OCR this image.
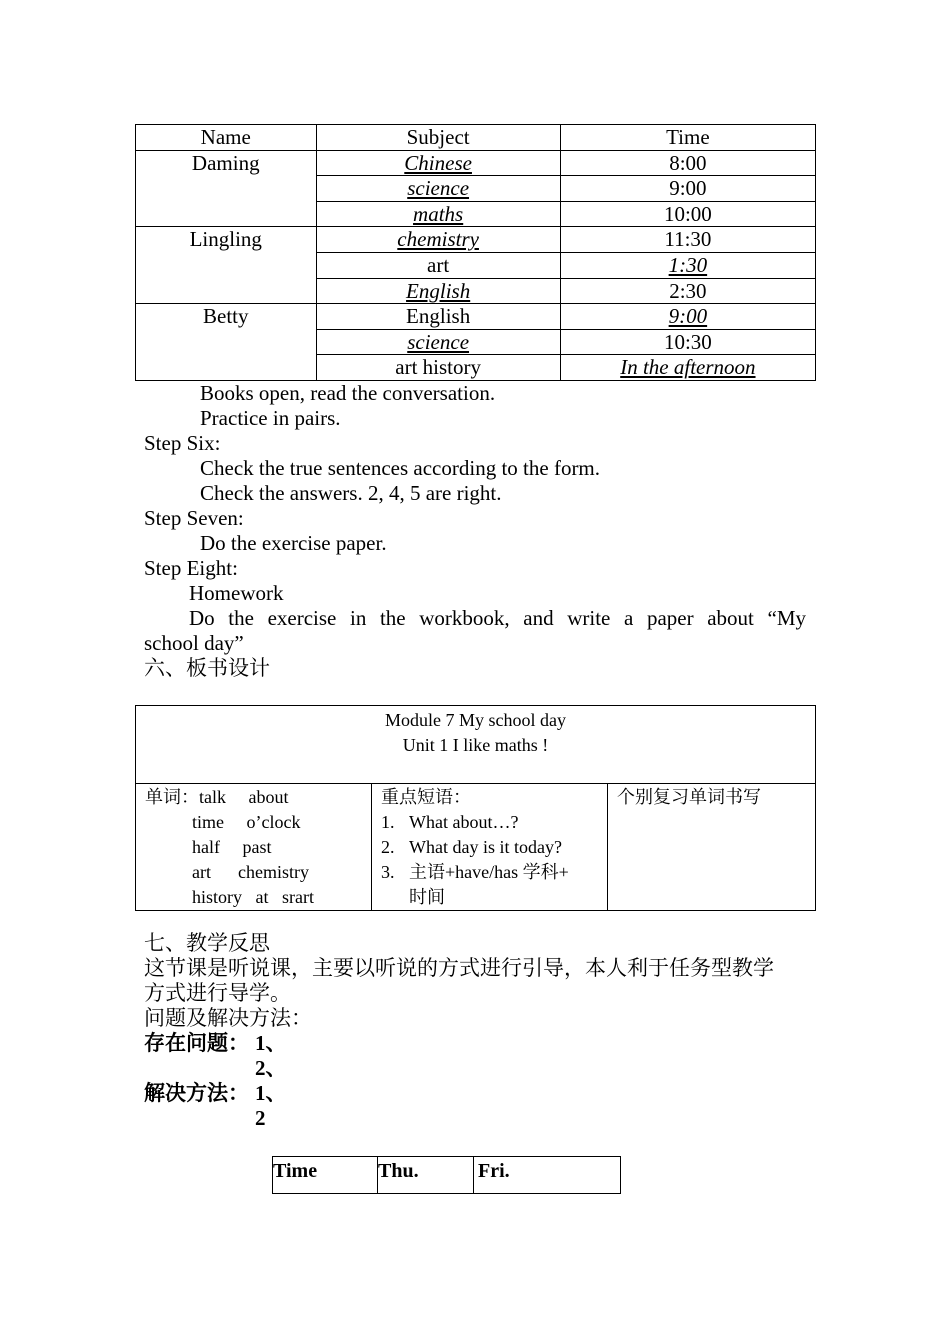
Name	Subject	Time
Daming	Chinese	8:00
	science	9:00
	maths	10:00
Lingling	chemistry	11:30
	art	1:30
	English	2:30
Betty	English	9:00
	science	10:30
	art history	In the afternoon
Books open, read the conversation.
Practice in pairs.
Step Six:
Check the true sentences according to the form.
Check the answers. 2, 4, 5 are right.
Step Seven:
Do the exercise paper.
Step Eight:
Homework
Do the exercise in the workbook, and write a paper about “My
school day”
六、板书设计
Module 7 My school day
Unit 1 I like maths !

单词：talk     about
time     o’clock
half     past
art      chemistry
history   at   srart

重点短语：
1. What about…?
2. What day is it today?
3. 主语+have/has 学科+
时间

个别复习单词书写
七、教学反思
这节课是听说课，主要以听说的方式进行引导，本人利于任务型教学
方式进行导学。
问题及解决方法：
存在问题： 1、
2、
解决方法： 1、
2
Time	Thu.	Fri.
